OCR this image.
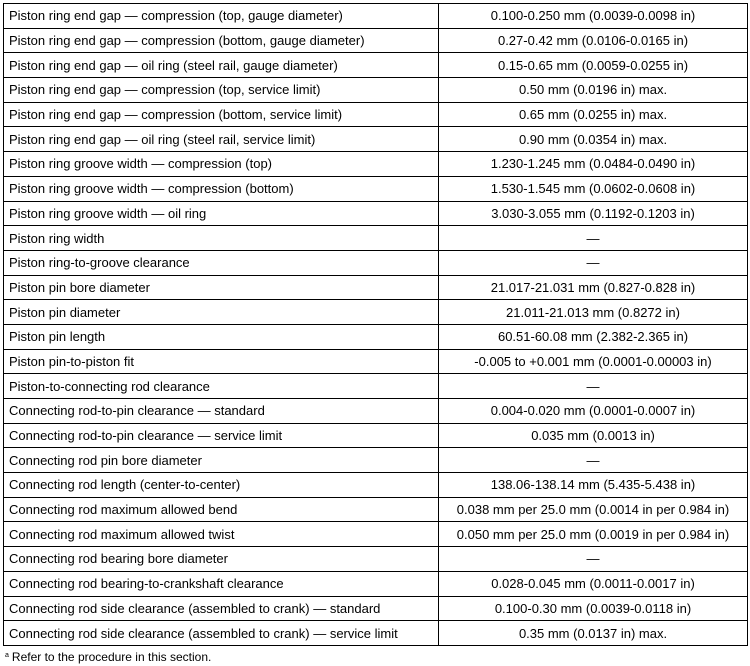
Piston ring end gap — compression (top, gauge diameter)	0.100-0.250 mm (0.0039-0.0098 in)
Piston ring end gap — compression (bottom, gauge diameter)	0.27-0.42 mm (0.0106-0.0165 in)
Piston ring end gap — oil ring (steel rail, gauge diameter)	0.15-0.65 mm (0.0059-0.0255 in)
Piston ring end gap — compression (top, service limit)	0.50 mm (0.0196 in) max.
Piston ring end gap — compression (bottom, service limit)	0.65 mm (0.0255 in) max.
Piston ring end gap — oil ring (steel rail, service limit)	0.90 mm (0.0354 in) max.
Piston ring groove width — compression (top)	1.230-1.245 mm (0.0484-0.0490 in)
Piston ring groove width — compression (bottom)	1.530-1.545 mm (0.0602-0.0608 in)
Piston ring groove width — oil ring	3.030-3.055 mm (0.1192-0.1203 in)
Piston ring width	—
Piston ring-to-groove clearance	—
Piston pin bore diameter	21.017-21.031 mm (0.827-0.828 in)
Piston pin diameter	21.011-21.013 mm (0.8272 in)
Piston pin length	60.51-60.08 mm (2.382-2.365 in)
Piston pin-to-piston fit	-0.005 to +0.001 mm (0.0001-0.00003 in)
Piston-to-connecting rod clearance	—
Connecting rod-to-pin clearance — standard	0.004-0.020 mm (0.0001-0.0007 in)
Connecting rod-to-pin clearance — service limit	0.035 mm (0.0013 in)
Connecting rod pin bore diameter	—
Connecting rod length (center-to-center)	138.06-138.14 mm (5.435-5.438 in)
Connecting rod maximum allowed bend	0.038 mm per 25.0 mm (0.0014 in per 0.984 in)
Connecting rod maximum allowed twist	0.050 mm per 25.0 mm (0.0019 in per 0.984 in)
Connecting rod bearing bore diameter	—
Connecting rod bearing-to-crankshaft clearance	0.028-0.045 mm (0.0011-0.0017 in)
Connecting rod side clearance (assembled to crank) — standard	0.100-0.30 mm (0.0039-0.0118 in)
Connecting rod side clearance (assembled to crank) — service limit	0.35 mm (0.0137 in) max.
$^a$ Refer to the procedure in this section.
